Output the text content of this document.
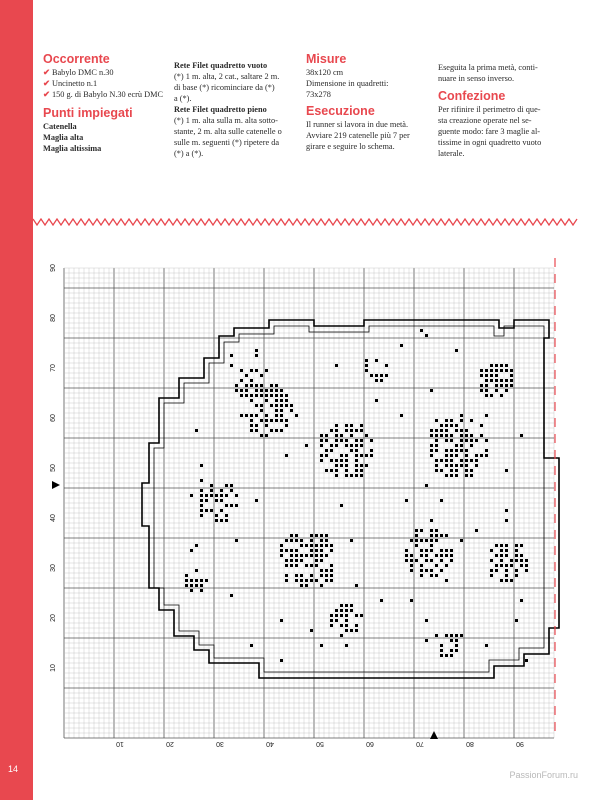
14
Occorrente
✔ Babylo DMC n.30
✔ Uncinetto n.1
✔ 150 g. di Babylo N.30 ecrù DMC
Punti impiegati
Catenella
Maglia alta
Maglia altissima
Rete Filet quadretto vuoto
(*) 1 m. alta, 2 cat., saltare 2 m.
di base (*) ricominciare da (*)
a (*).
Rete Filet quadretto pieno
(*) 1 m. alta sulla m. alta sotto-
stante, 2 m. alta sulle catenelle o
sulle m. seguenti (*) ripetere da
(*) a (*).
Misure
38x120 cm
Dimensione in quadretti:
73x278
Esecuzione
Il runner si lavora in due metà.
Avviare 219 catenelle più 7 per
girare e seguire lo schema.
Eseguita la prima metà, conti-
nuare in senso inverso.
Confezione
Per rifinire il perimetro di que-
sta creazione operate nel se-
guente modo: fare 3 maglie al-
tissime in ogni quadretto vuoto
laterale.
90
80
70
60
50
40
30
20
10
10	20	30	40	50	60	70	80	90
PassionForum.ru
